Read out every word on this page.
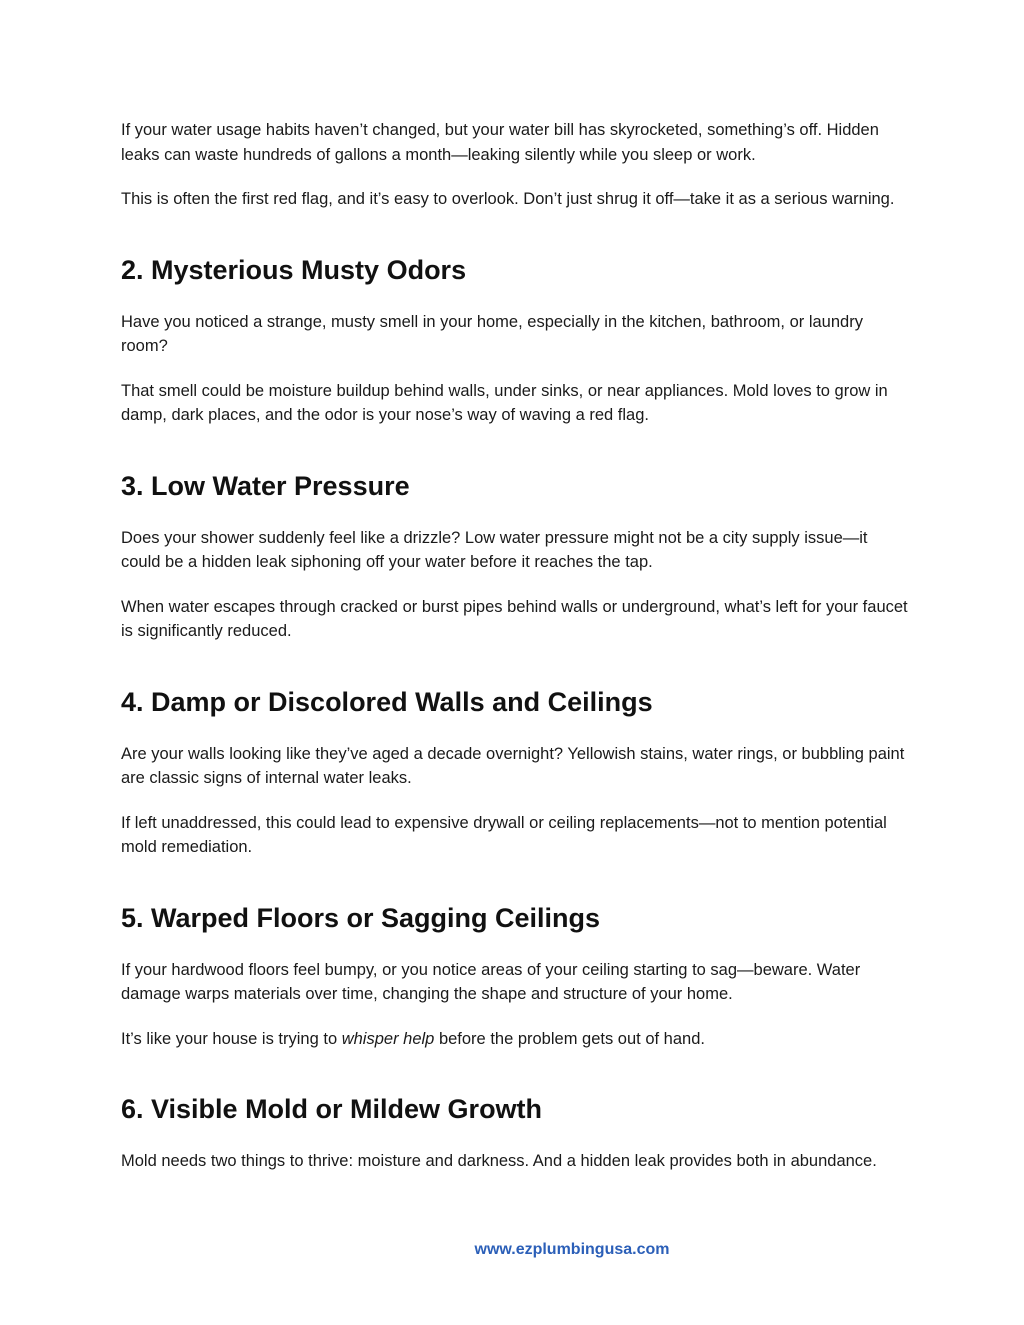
If your water usage habits haven’t changed, but your water bill has skyrocketed, something’s off. Hidden leaks can waste hundreds of gallons a month—leaking silently while you sleep or work.

This is often the first red flag, and it’s easy to overlook. Don’t just shrug it off—take it as a serious warning.

2. Mysterious Musty Odors

Have you noticed a strange, musty smell in your home, especially in the kitchen, bathroom, or laundry room?

That smell could be moisture buildup behind walls, under sinks, or near appliances. Mold loves to grow in damp, dark places, and the odor is your nose’s way of waving a red flag.

3. Low Water Pressure

Does your shower suddenly feel like a drizzle? Low water pressure might not be a city supply issue—it could be a hidden leak siphoning off your water before it reaches the tap.

When water escapes through cracked or burst pipes behind walls or underground, what’s left for your faucet is significantly reduced.

4. Damp or Discolored Walls and Ceilings

Are your walls looking like they’ve aged a decade overnight? Yellowish stains, water rings, or bubbling paint are classic signs of internal water leaks.

If left unaddressed, this could lead to expensive drywall or ceiling replacements—not to mention potential mold remediation.

5. Warped Floors or Sagging Ceilings

If your hardwood floors feel bumpy, or you notice areas of your ceiling starting to sag—beware. Water damage warps materials over time, changing the shape and structure of your home.

It’s like your house is trying to whisper help before the problem gets out of hand.

6. Visible Mold or Mildew Growth

Mold needs two things to thrive: moisture and darkness. And a hidden leak provides both in abundance.

www.ezplumbingusa.com
